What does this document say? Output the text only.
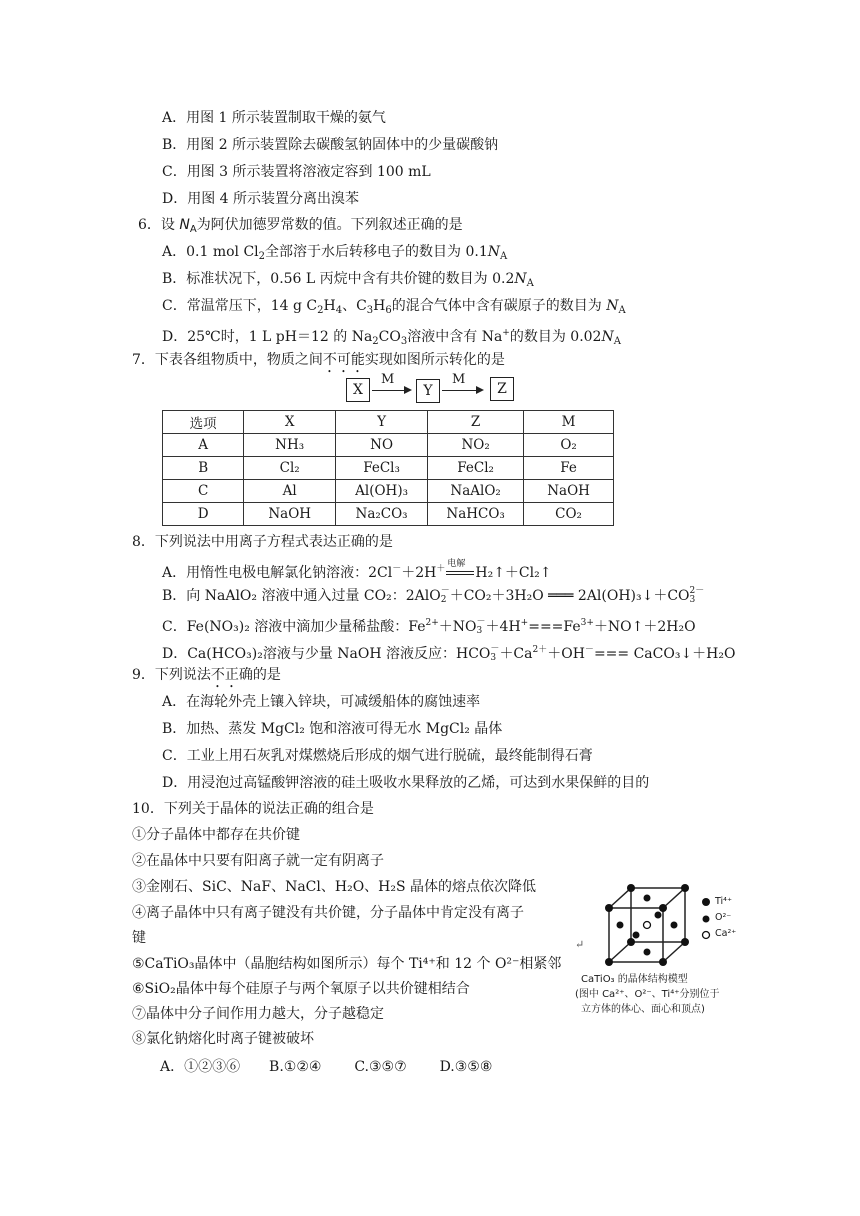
A．用图 1 所示装置制取干燥的氨气
B．用图 2 所示装置除去碳酸氢钠固体中的少量碳酸钠
C．用图 3 所示装置将溶液定容到 100 mL
D．用图 4 所示装置分离出溴苯
6．设 $N_A$为阿伏加德罗常数的值。下列叙述正确的是
A．0.1 mol $Cl_2$全部溶于水后转移电子的数目为 $0.1N_A$
B．标准状况下，0.56 L 丙烷中含有共价键的数目为 $0.2N_A$
C．常温常压下，14 g $C_2H_4$、$C_3H_6$的混合气体中含有碳原子的数目为 $N_A$
D．25℃时，1 L pH＝12 的 $Na_2CO_3$溶液中含有 Na+的数目为 $0.02N_A$
7．下表各组物质中，物质之间不可能实现如图所示转化的是
X
M
Y
M
Z
选项	X	Y	Z	M
A	NH₃	NO	NO₂	O₂
B	Cl₂	FeCl₃	FeCl₂	Fe
C	Al	Al(OH)₃	NaAlO₂	NaOH
D	NaOH	Na₂CO₃	NaHCO₃	CO₂
8．下列说法中用离子方程式表达正确的是
A．用惰性电极电解氯化钠溶液：2Cl－＋2H＋ 电解
H₂↑＋Cl₂↑
B．向 NaAlO₂ 溶液中通入过量 CO₂：2AlO －
2 ＋CO₂＋3H₂O ═══ 2Al(OH)₃↓＋CO 2－
3
C．Fe(NO₃)₂ 溶液中滴加少量稀盐酸：$Fe^{2+}+NO$ －
$3 +4H^+===Fe^{3+}+NO↑+2H_2O$
D．Ca(HCO₃)₂溶液与少量 NaOH 溶液反应：HCO －
$3 +Ca^{2+}+OH^-===$ CaCO₃↓＋H₂O
9．下列说法不正确的是
A．在海轮外壳上镶入锌块，可减缓船体的腐蚀速率
B．加热、蒸发 MgCl₂ 饱和溶液可得无水 MgCl₂ 晶体
C．工业上用石灰乳对煤燃烧后形成的烟气进行脱硫，最终能制得石膏
D．用浸泡过高锰酸钾溶液的硅土吸收水果释放的乙烯，可达到水果保鲜的目的
10．下列关于晶体的说法正确的组合是
①分子晶体中都存在共价键
②在晶体中只要有阳离子就一定有阴离子
③金刚石、SiC、NaF、NaCl、H₂O、H₂S 晶体的熔点依次降低
④离子晶体中只有离子键没有共价键，分子晶体中肯定没有离子
键
⑤CaTiO₃晶体中（晶胞结构如图所示）每个 Ti⁴⁺和 12 个 O²⁻相紧邻
⑥SiO₂晶体中每个硅原子与两个氧原子以共价键相结合
⑦晶体中分子间作用力越大，分子越稳定
⑧氯化钠熔化时离子键被破坏
A．①②③⑥ B.①②④ C.③⑤⑦ D.③⑤⑧
Ti⁴⁺
O²⁻
Ca²⁺
↵
CaTiO₃ 的晶体结构模型
(图中 Ca²⁺、O²⁻、Ti⁴⁺分别位于
立方体的体心、面心和顶点)
